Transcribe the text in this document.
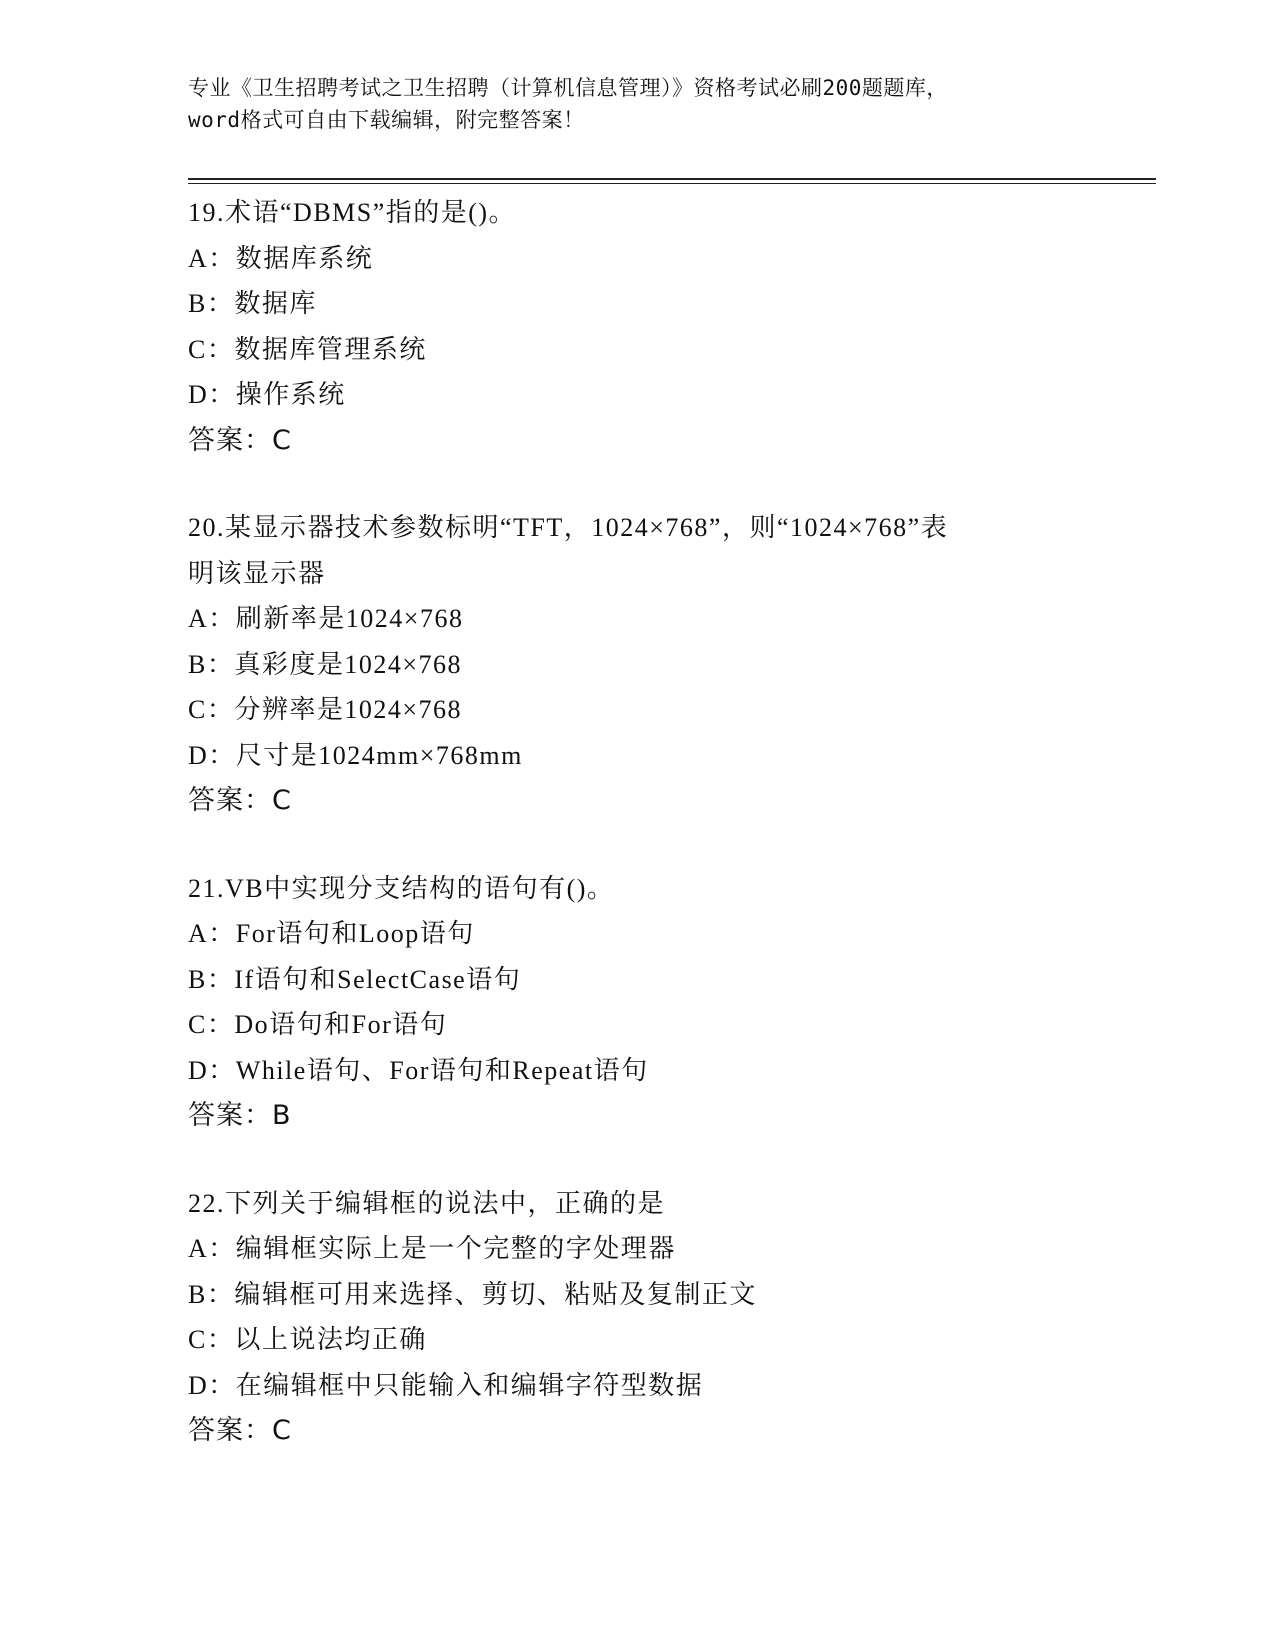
专业《卫生招聘考试之卫生招聘（计算机信息管理）》资格考试必刷200题题库，
word格式可自由下载编辑，附完整答案！
19.术语“DBMS”指的是()。
A：数据库系统
B：数据库
C：数据库管理系统
D：操作系统
答案：C
20.某显示器技术参数标明“TFT，1024×768”，则“1024×768”表
明该显示器
A：刷新率是1024×768
B：真彩度是1024×768
C：分辨率是1024×768
D：尺寸是1024mm×768mm
答案：C
21.VB中实现分支结构的语句有()。
A：For语句和Loop语句
B：If语句和SelectCase语句
C：Do语句和For语句
D：While语句、For语句和Repeat语句
答案：B
22.下列关于编辑框的说法中，正确的是
A：编辑框实际上是一个完整的字处理器
B：编辑框可用来选择、剪切、粘贴及复制正文
C：以上说法均正确
D：在编辑框中只能输入和编辑字符型数据
答案：C
